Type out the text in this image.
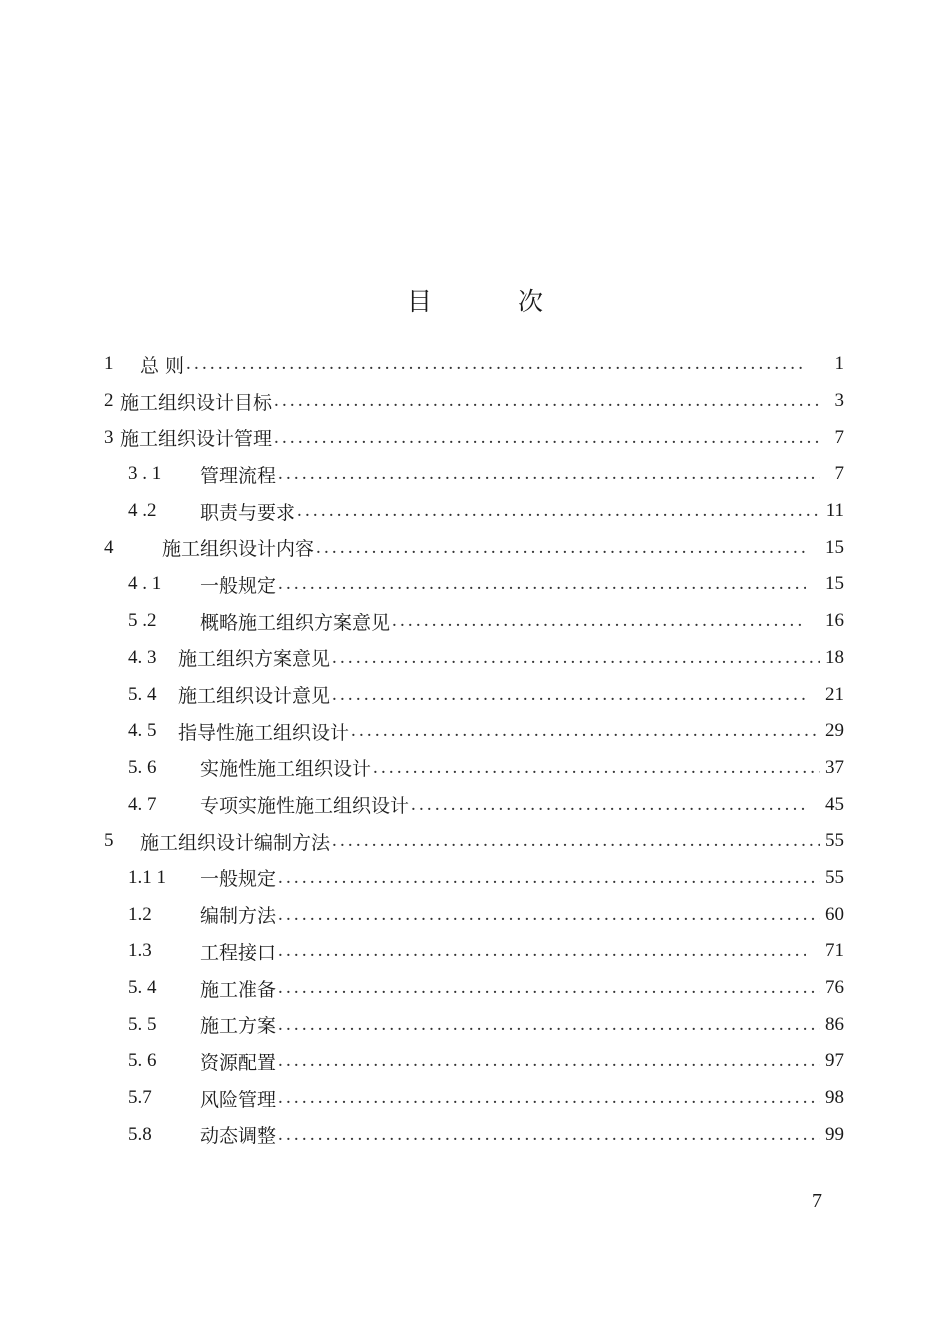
目	次
1	总 则 .....	1
2 施工组织设计目标 .....	3
3 施工组织设计管理 .....	7
3 . 1	管理流程 .....	7
4 .2	职责与要求 .....	11
4	施工组织设计内容 .....	15
4 . 1	一般规定 .....	15
5 .2	概略施工组织方案意见 .....	16
4. 3	施工组织方案意见 .....	18
5. 4	施工组织设计意见 .....	21
4. 5	指导性施工组织设计 .....	29
5. 6	实施性施工组织设计 .....	37
4. 7	专项实施性施工组织设计 .....	45
5	施工组织设计编制方法 .....	55
1.1 1	一般规定 .....	55
1.2	编制方法 .....	60
1.3	工程接口 .....	71
5. 4	施工准备 .....	76
5. 5	施工方案 .....	86
5. 6	资源配置 .....	97
5.7	风险管理 .....	98
5.8	动态调整 .....	99
7
